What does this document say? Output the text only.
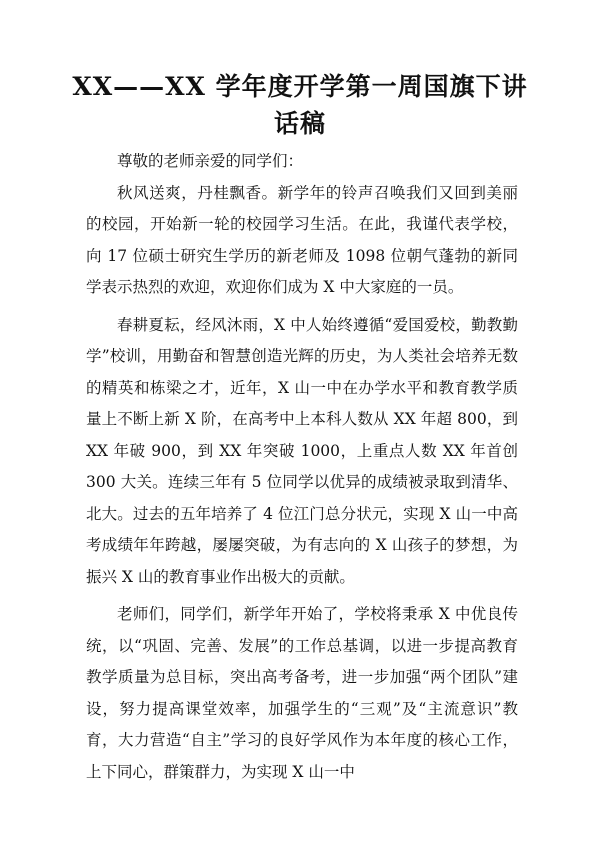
XX——XX 学年度开学第一周国旗下讲话稿

尊敬的老师亲爱的同学们：

秋风送爽，丹桂飘香。新学年的铃声召唤我们又回到美丽的校园，开始新一轮的校园学习生活。在此，我谨代表学校，向 17 位硕士研究生学历的新老师及 1098 位朝气蓬勃的新同学表示热烈的欢迎，欢迎你们成为 X 中大家庭的一员。

春耕夏耘，经风沐雨，X 中人始终遵循“爱国爱校，勤教勤学”校训，用勤奋和智慧创造光辉的历史，为人类社会培养无数的精英和栋梁之才，近年，X 山一中在办学水平和教育教学质量上不断上新 X 阶，在高考中上本科人数从 XX 年超 800，到 XX 年破 900，到 XX 年突破 1000，上重点人数 XX 年首创 300 大关。连续三年有 5 位同学以优异的成绩被录取到清华、北大。过去的五年培养了 4 位江门总分状元，实现 X 山一中高考成绩年年跨越，屡屡突破，为有志向的 X 山孩子的梦想，为振兴 X 山的教育事业作出极大的贡献。

老师们，同学们，新学年开始了，学校将秉承 X 中优良传统，以“巩固、完善、发展”的工作总基调，以进一步提高教育教学质量为总目标，突出高考备考，进一步加强“两个团队”建设，努力提高课堂效率，加强学生的“三观”及“主流意识”教育，大力营造“自主”学习的良好学风作为本年度的核心工作，上下同心，群策群力，为实现 X 山一中
